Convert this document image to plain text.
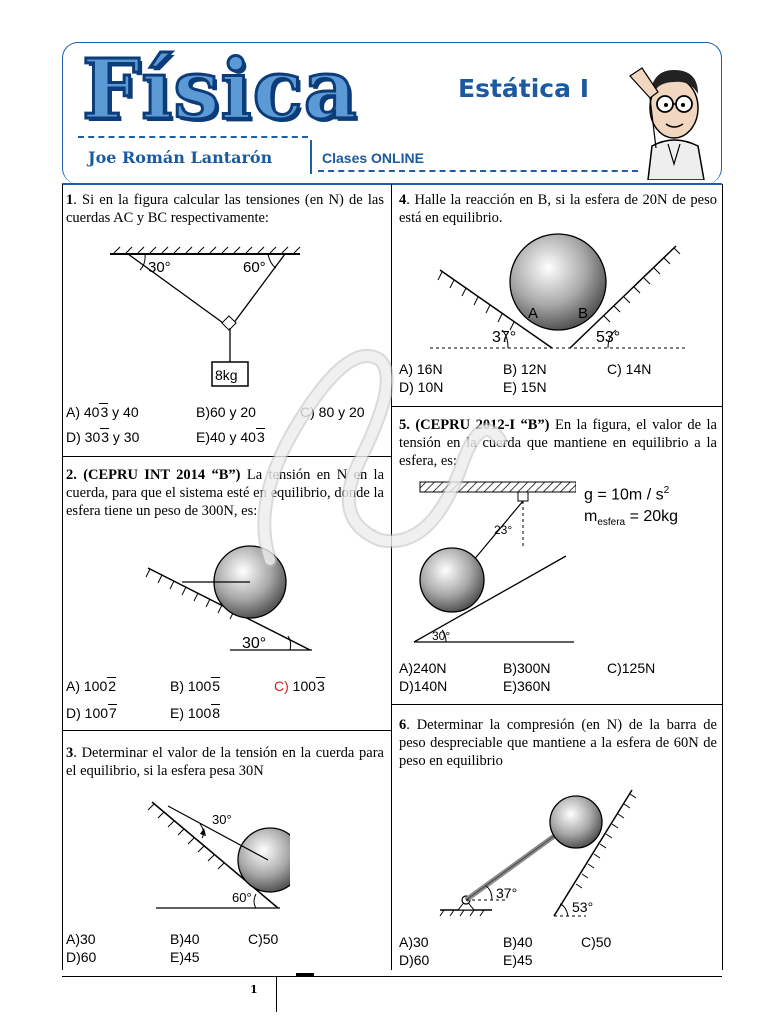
Física	Estática I
Joe Román Lantarón	Clases ONLINE
1
1. Si en la figura calcular las tensiones (en N) de las cuerdas AC y BC respectivamente:
30°	60°
8kg
A) 403 y 40	B)60 y 20	C) 80 y 20
D) 303 y 30	E)40 y 403
2. (CEPRU INT 2014 “B”) La tensión en N en la cuerda, para que el sistema esté en equilibrio, donde la esfera tiene un peso de 300N, es:
30°
A) 1002	B) 1005	C) 1003
D) 1007	E) 1008
3. Determinar el valor de la tensión en la cuerda para el equilibrio, si la esfera pesa 30N
30°
60°
A)30	B)40	C)50
D)60	E)45
4. Halle la reacción en B, si la esfera de 20N de peso está en equilibrio.
A	B
37°	53°
A) 16N	B) 12N	C) 14N
D) 10N	E) 15N
5. (CEPRU 2012-I “B”) En la figura, el valor de la tensión en la cuerda que mantiene en equilibrio a la esfera, es:
23°
30°
$g = 10m / s^2$
$m_{esfera} = 20kg$
A)240N	B)300N	C)125N
D)140N	E)360N
6. Determinar la compresión (en N) de la barra de peso despreciable que mantiene a la esfera de 60N de peso en equilibrio
37°
53°
A)30	B)40	C)50
D)60	E)45
